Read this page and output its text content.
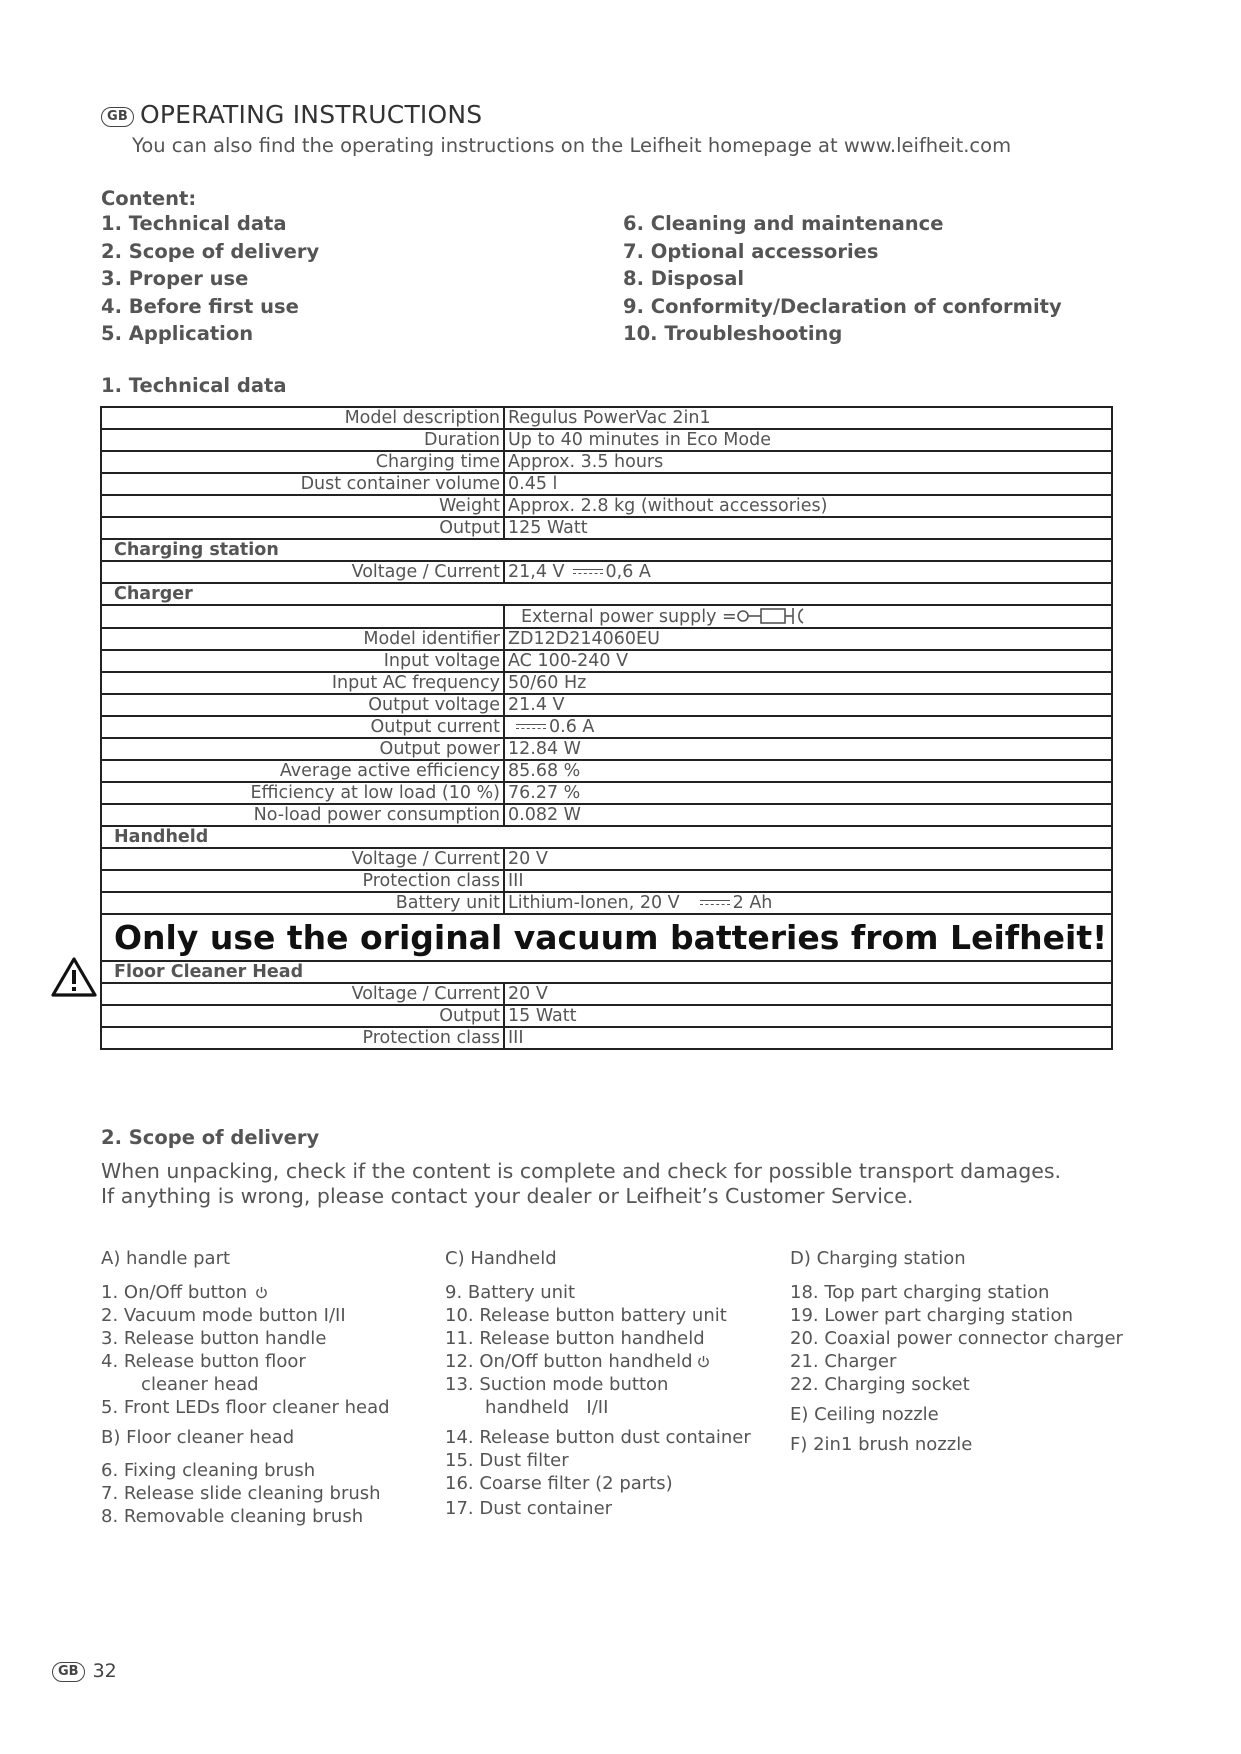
GB OPERATING INSTRUCTIONS
You can also find the operating instructions on the Leifheit homepage at www.leifheit.com
Content:
1. Technical data
2. Scope of delivery
3. Proper use
4. Before first use
5. Application
6. Cleaning and maintenance
7. Optional accessories
8. Disposal
9. Conformity/Declaration of conformity
10. Troubleshooting
1. Technical data
Model description	Regulus PowerVac 2in1
Duration	Up to 40 minutes in Eco Mode
Charging time	Approx. 3.5 hours
Dust container volume	0.45 l
Weight	Approx. 2.8 kg (without accessories)
Output	125 Watt
Charging station	
Voltage / Current	21,4 V 0,6 A
Charger	
	External power supply =
Model identifier	ZD12D214060EU
Input voltage	AC 100-240 V
Input AC frequency	50/60 Hz
Output voltage	21.4 V
Output current	0.6 A
Output power	12.84 W
Average active efficiency	85.68 %
Efficiency at low load (10 %)	76.27 %
No-load power consumption	0.082 W
Handheld	
Voltage / Current	20 V
Protection class	III
Battery unit	Lithium-Ionen, 20 V 2 Ah
Only use the original vacuum batteries from Leifheit!	
Floor Cleaner Head	
Voltage / Current	20 V
Output	15 Watt
Protection class	III
2. Scope of delivery
When unpacking, check if the content is complete and check for possible transport damages.
If anything is wrong, please contact your dealer or Leifheit’s Customer Service.
A) handle part
1. On/Off button
2. Vacuum mode button I/II
3. Release button handle
4. Release button floor
cleaner head
5. Front LEDs floor cleaner head
B) Floor cleaner head
6. Fixing cleaning brush
7. Release slide cleaning brush
8. Removable cleaning brush
C) Handheld
9. Battery unit
10. Release button battery unit
11. Release button handheld
12. On/Off button handheld
13. Suction mode button
handheld   I/II
14. Release button dust container
15. Dust filter
16. Coarse filter (2 parts)
17. Dust container
D) Charging station
18. Top part charging station
19. Lower part charging station
20. Coaxial power connector charger
21. Charger
22. Charging socket
E) Ceiling nozzle
F) 2in1 brush nozzle
GB 32
